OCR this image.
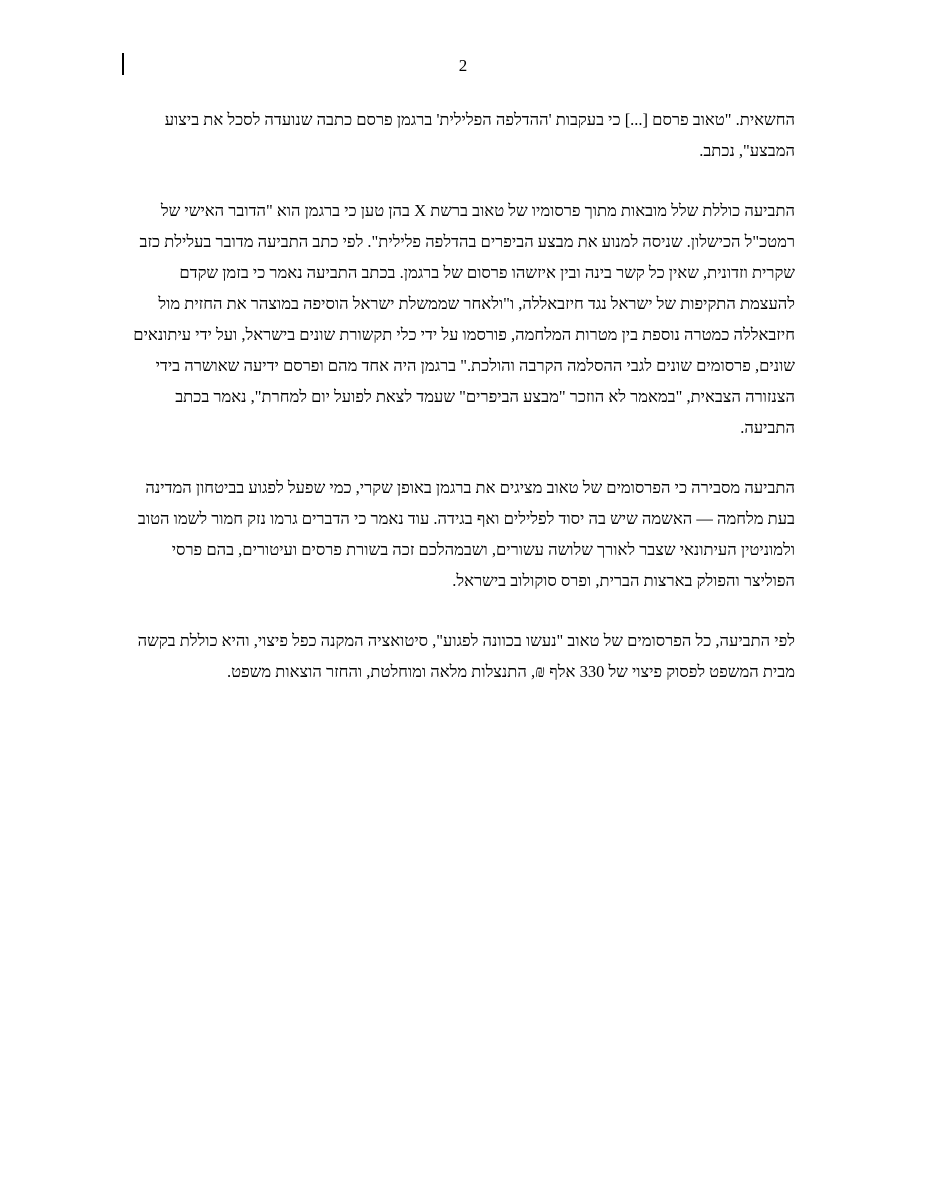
2

החשאית. "טאוב פרסם [...] כי בעקבות 'ההדלפה הפלילית' ברגמן פרסם כתבה שנועדה לסכל את ביצוע המבצע", נכתב.

התביעה כוללת שלל מובאות מתוך פרסומיו של טאוב ברשת X בהן טען כי ברגמן הוא "הדובר האישי של רמטכ"ל הכישלון. שניסה למנוע את מבצע הביפרים בהדלפה פלילית". לפי כתב התביעה מדובר בעלילת כזב שקרית וזדונית, שאין כל קשר בינה ובין איזשהו פרסום של ברגמן. בכתב התביעה נאמר כי בזמן שקדם להעצמת התקיפות של ישראל נגד חיזבאללה, ו"ולאחר שממשלת ישראל הוסיפה במוצהר את החזית מול חיזבאללה כמטרה נוספת בין מטרות המלחמה, פורסמו על ידי כלי תקשורת שונים בישראל, ועל ידי עיתונאים שונים, פרסומים שונים לגבי ההסלמה הקרבה והולכת." ברגמן היה אחד מהם ופרסם ידיעה שאושרה בידי הצנזורה הצבאית, "במאמר לא הוזכר "מבצע הביפרים" שעמד לצאת לפועל יום למחרת", נאמר בכתב התביעה.

התביעה מסבירה כי הפרסומים של טאוב מציגים את ברגמן באופן שקרי, כמי שפעל לפגוע בביטחון המדינה בעת מלחמה — האשמה שיש בה יסוד לפלילים ואף בגידה. עוד נאמר כי הדברים גרמו נזק חמור לשמו הטוב ולמוניטין העיתונאי שצבר לאורך שלושה עשורים, ושבמהלכם זכה בשורת פרסים ועיטורים, בהם פרסי הפוליצר והפולק בארצות הברית, ופרס סוקולוב בישראל.

לפי התביעה, כל הפרסומים של טאוב "נעשו בכוונה לפגוע", סיטואציה המקנה כפל פיצוי, והיא כוללת בקשה מבית המשפט לפסוק פיצוי של 330 אלף ₪, התנצלות מלאה ומוחלטת, והחזר הוצאות משפט.
